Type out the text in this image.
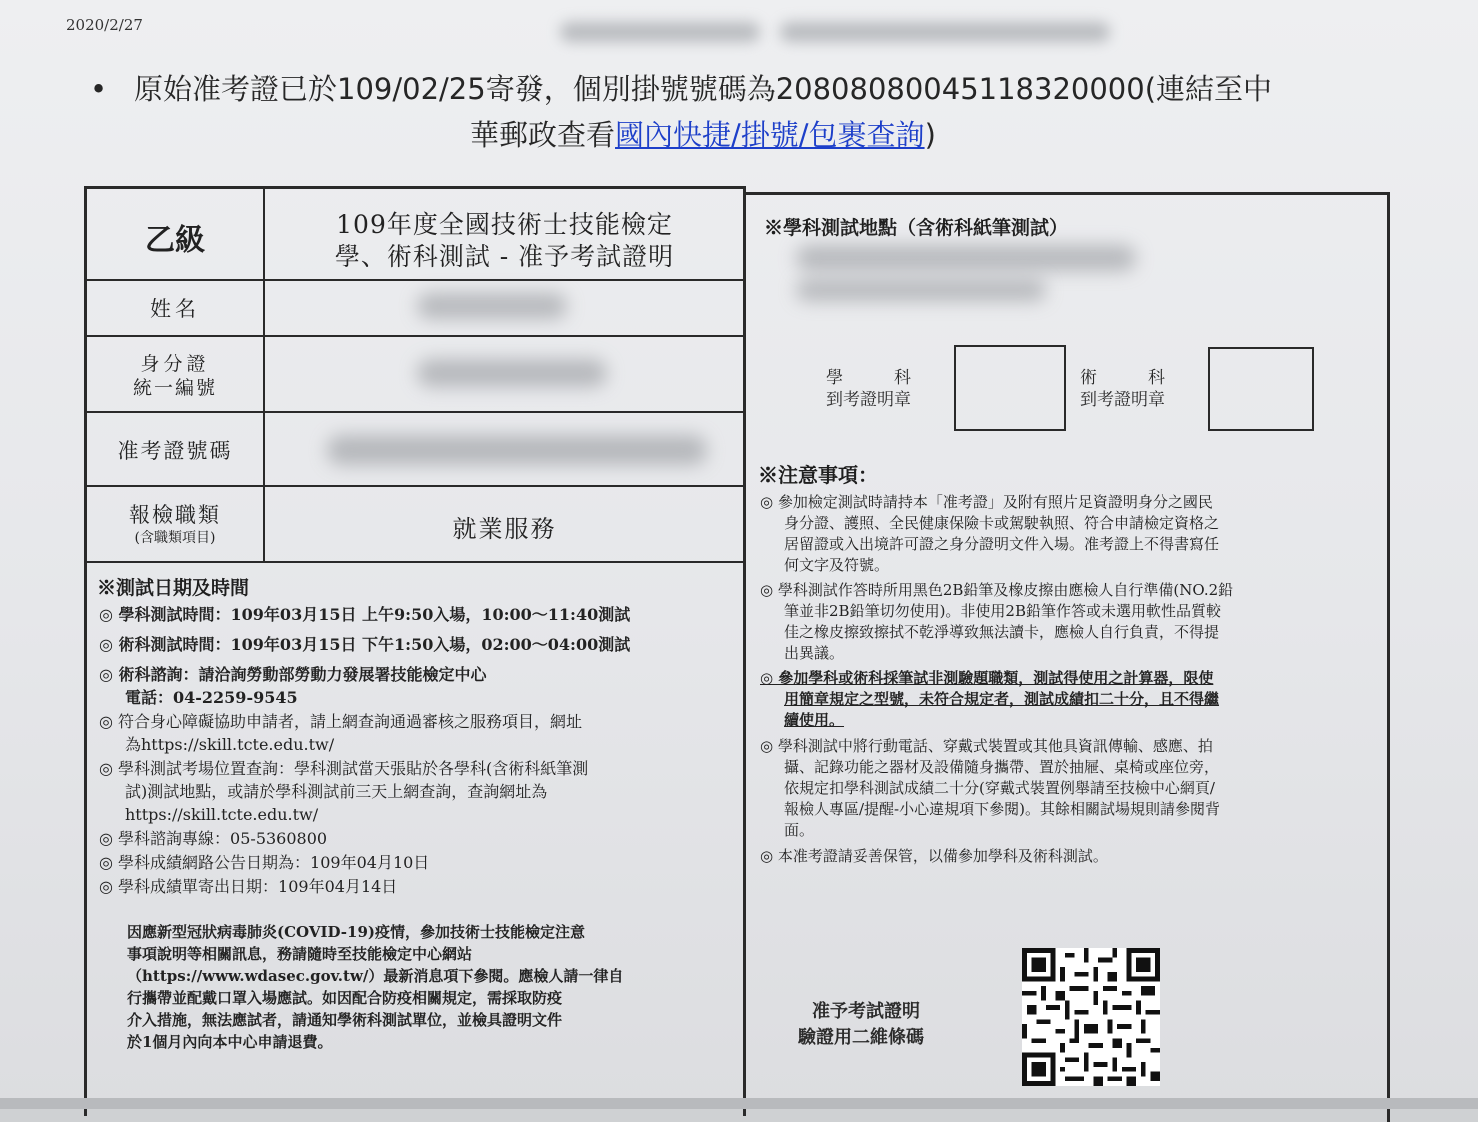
2020/2/27
• 原始准考證已於109/02/25寄發，個別掛號號碼為20808080045118320000(連結至中
華郵政查看國內快捷/掛號/包裹查詢)
乙級	109年度全國技術士技能檢定
學、術科測試 - 准予考試證明
姓名
身分證
統一編號
准考證號碼
報檢職類
(含職類項目)	就業服務
※測試日期及時間
◎ 學科測試時間：109年03月15日 上午9:50入場，10:00～11:40測試
◎ 術科測試時間：109年03月15日 下午1:50入場，02:00～04:00測試
◎ 術科諮詢：請洽詢勞動部勞動力發展署技能檢定中心
電話：04-2259-9545
◎ 符合身心障礙協助申請者，請上網查詢通過審核之服務項目，網址
為https://skill.tcte.edu.tw/
◎ 學科測試考場位置查詢：學科測試當天張貼於各學科(含術科紙筆測
試)測試地點，或請於學科測試前三天上網查詢，查詢網址為
https://skill.tcte.edu.tw/
◎ 學科諮詢專線：05-5360800
◎ 學科成績網路公告日期為：109年04月10日
◎ 學科成績單寄出日期：109年04月14日
因應新型冠狀病毒肺炎(COVID-19)疫情，參加技術士技能檢定注意
事項說明等相關訊息，務請隨時至技能檢定中心網站
（https://www.wdasec.gov.tw/）最新消息項下參閱。應檢人請一律自
行攜帶並配戴口罩入場應試。如因配合防疫相關規定，需採取防疫
介入措施，無法應試者，請通知學術科測試單位，並檢具證明文件
於1個月內向本中心申請退費。
※學科測試地點（含術科紙筆測試）
學　　　科
到考證明章
術　　　科
到考證明章
※注意事項：
◎ 參加檢定測試時請持本「准考證」及附有照片足資證明身分之國民
身分證、護照、全民健康保險卡或駕駛執照、符合申請檢定資格之
居留證或入出境許可證之身分證明文件入場。准考證上不得書寫任
何文字及符號。
◎ 學科測試作答時所用黑色2B鉛筆及橡皮擦由應檢人自行準備(NO.2鉛
筆並非2B鉛筆切勿使用)。非使用2B鉛筆作答或未選用軟性品質較
佳之橡皮擦致擦拭不乾淨導致無法讀卡，應檢人自行負責，不得提
出異議。
◎ 參加學科或術科採筆試非測驗題職類，測試得使用之計算器，限使
用簡章規定之型號，未符合規定者，測試成績扣二十分，且不得繼
續使用。
◎ 學科測試中將行動電話、穿戴式裝置或其他具資訊傳輸、感應、拍
攝、記錄功能之器材及設備隨身攜帶、置於抽屜、桌椅或座位旁，
依規定扣學科測試成績二十分(穿戴式裝置例舉請至技檢中心網頁/
報檢人專區/提醒-小心違規項下參閱)。其餘相關試場規則請參閱背
面。
◎ 本准考證請妥善保管，以備參加學科及術科測試。
准予考試證明
驗證用二維條碼
